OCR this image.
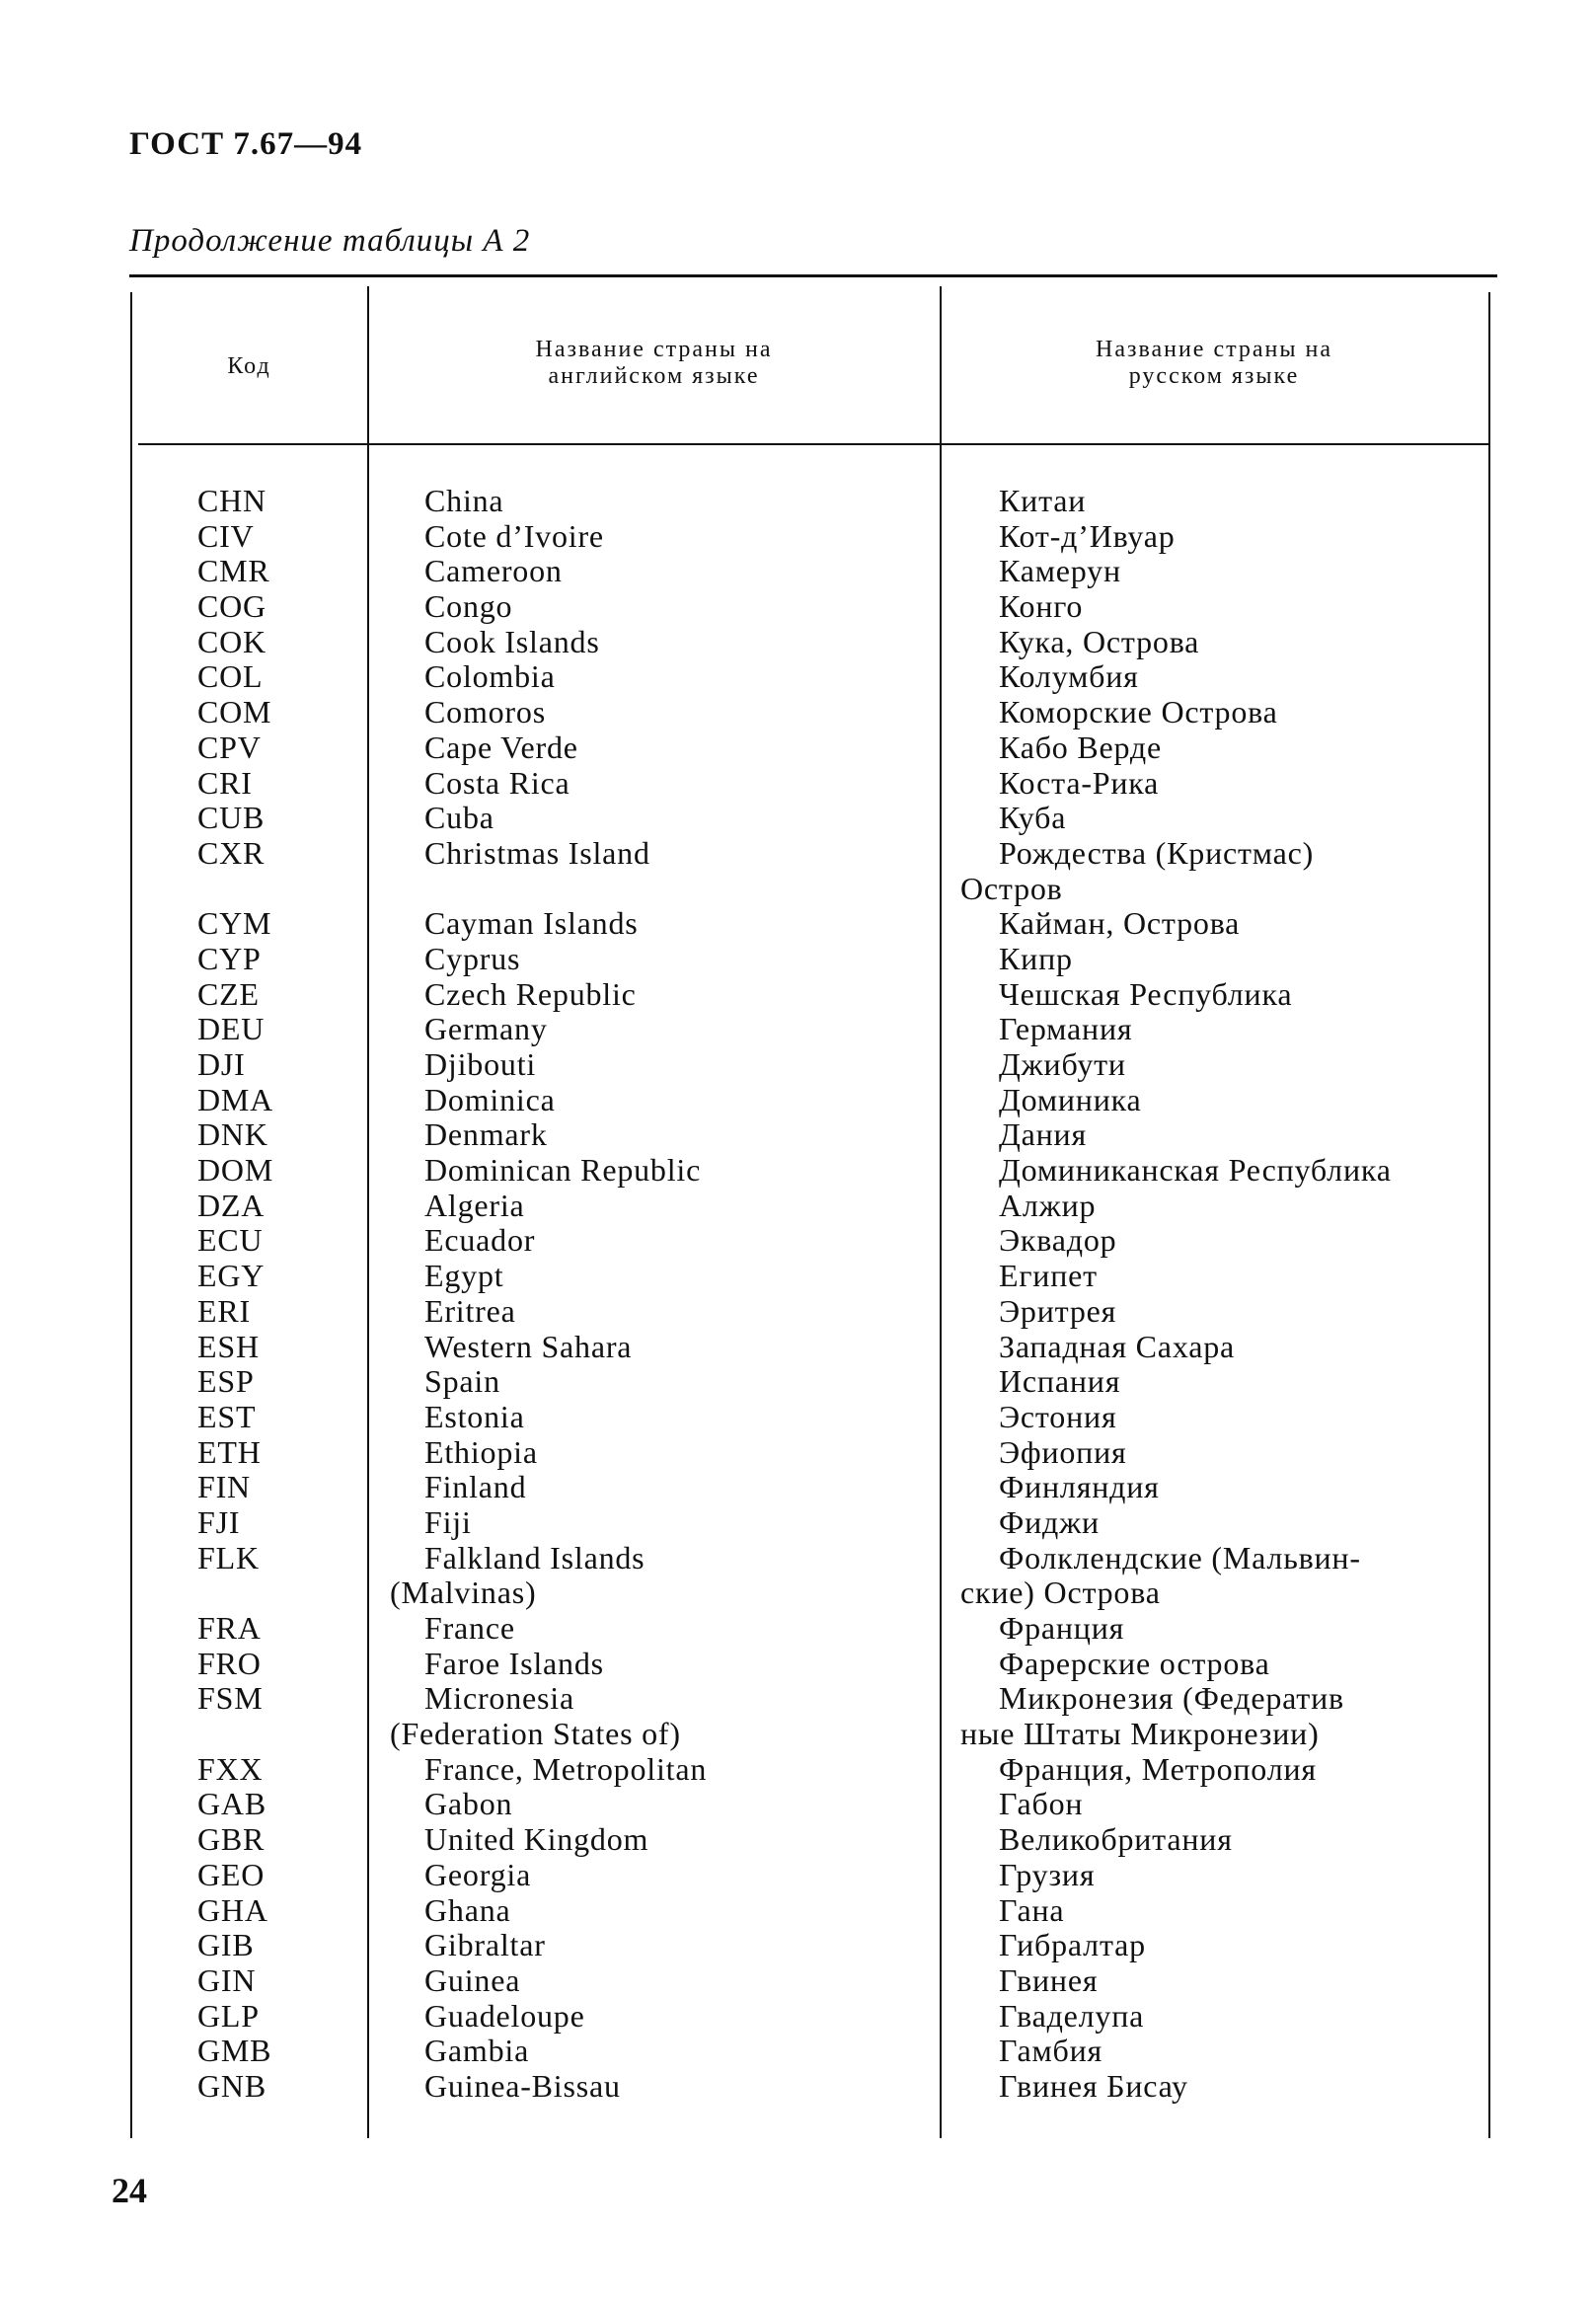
ГОСТ 7.67—94
Продолжение таблицы А 2
Код
Название страны на
английском языке
Название страны на
русском языке
CHN	China	Китаи
CIV	Cote d’Ivoire	Кот-д’Ивуар
CMR	Cameroon	Камерун
COG	Congo	Конго
COK	Cook Islands	Кука, Острова
COL	Colombia	Колумбия
COM	Comoros	Коморские Острова
CPV	Cape Verde	Кабо Верде
CRI	Costa Rica	Коста-Рика
CUB	Cuba	Куба
CXR	Christmas Island	Рождества (Кристмас)
Остров
CYM	Cayman Islands	Кайман, Острова
CYP	Cyprus	Кипр
CZE	Czech Republic	Чешская Республика
DEU	Germany	Германия
DJI	Djibouti	Джибути
DMA	Dominica	Доминика
DNK	Denmark	Дания
DOM	Dominican Republic	Доминиканская Республика
DZA	Algeria	Алжир
ECU	Ecuador	Эквадор
EGY	Egypt	Египет
ERI	Eritrea	Эритрея
ESH	Western Sahara	Западная Сахара
ESP	Spain	Испания
EST	Estonia	Эстония
ETH	Ethiopia	Эфиопия
FIN	Finland	Финляндия
FJI	Fiji	Фиджи
FLK	Falkland Islands	Фолклендские (Мальвин-
(Malvinas)	ские) Острова
FRA	France	Франция
FRO	Faroe Islands	Фарерские острова
FSM	Micronesia	Микронезия (Федератив
(Federation States of)	ные Штаты Микронезии)
FXX	France, Metropolitan	Франция, Метрополия
GAB	Gabon	Габон
GBR	United Kingdom	Великобритания
GEO	Georgia	Грузия
GHA	Ghana	Гана
GIB	Gibraltar	Гибралтар
GIN	Guinea	Гвинея
GLP	Guadeloupe	Гваделупа
GMB	Gambia	Гамбия
GNB	Guinea-Bissau	Гвинея Бисау
24
